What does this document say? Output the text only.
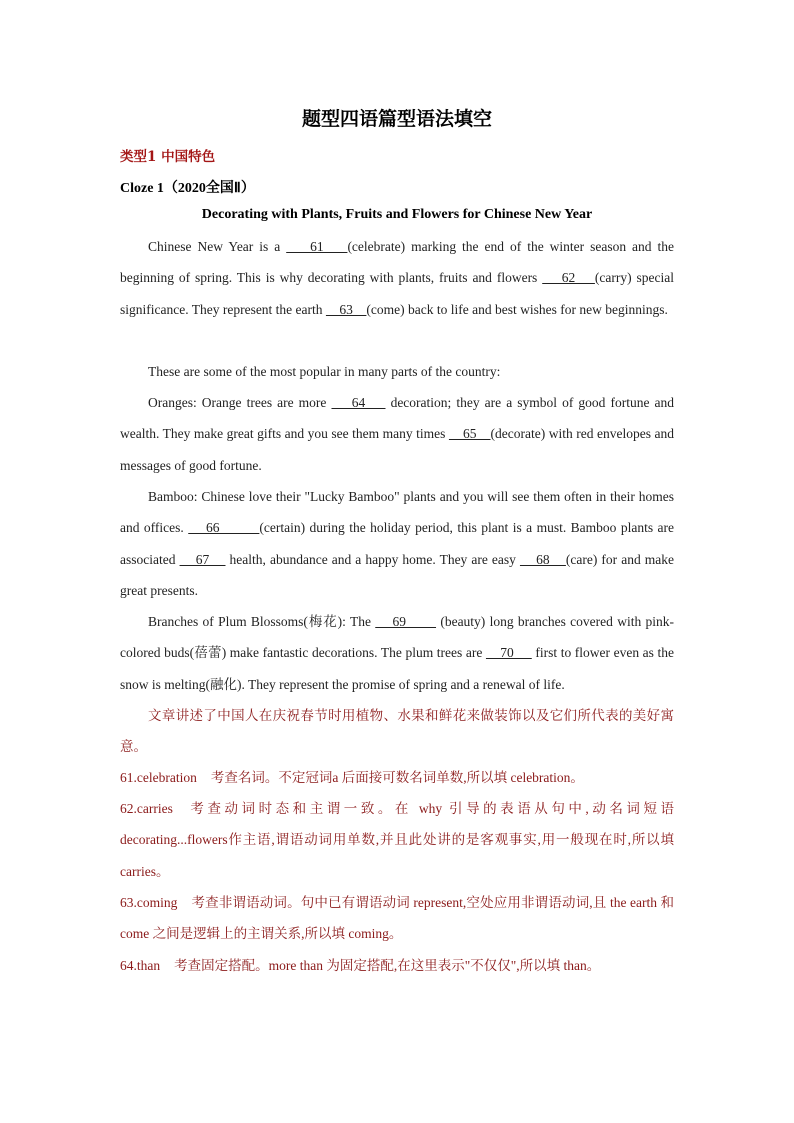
题型四语篇型语法填空
类型1 中国特色
Cloze 1（2020全国Ⅱ）
Decorating with Plants, Fruits and Flowers for Chinese New Year

Chinese New Year is a     61    (celebrate) marking the end of the winter season and the beginning of spring. This is why decorating with plants, fruits and flowers     62    (carry) special significance. They represent the earth     63    (come) back to life and best wishes for new beginnings.

These are some of the most popular in many parts of the country:

Oranges: Orange trees are more     64     decoration; they are a symbol of good fortune and wealth. They make great gifts and you see them many times     65    (decorate) with red envelopes and messages of good fortune.

Bamboo: Chinese love their "Lucky Bamboo" plants and you will see them often in their homes and offices.     66         (certain) during the holiday period, this plant is a must. Bamboo plants are associated     67     health, abundance and a happy home. They are easy     68    (care) for and make great presents.

Branches of Plum Blossoms(梅花): The     69        (beauty) long branches covered with pink-colored buds(蓓蕾) make fantastic decorations. The plum trees are     70      first to flower even as the snow is melting(融化). They represent the promise of spring and a renewal of life.

文章讲述了中国人在庆祝春节时用植物、水果和鲜花来做装饰以及它们所代表的美好寓意。

61.celebration 考查名词。不定冠词a 后面接可数名词单数,所以填 celebration。

62.carries 考查动词时态和主谓一致。在 why 引导的表语从句中,动名词短语 decorating...flowers作主语,谓语动词用单数,并且此处讲的是客观事实,用一般现在时,所以填 carries。

63.coming 考查非谓语动词。句中已有谓语动词 represent,空处应用非谓语动词,且 the earth 和 come 之间是逻辑上的主谓关系,所以填 coming。

64.than 考查固定搭配。more than 为固定搭配,在这里表示"不仅仅",所以填 than。
